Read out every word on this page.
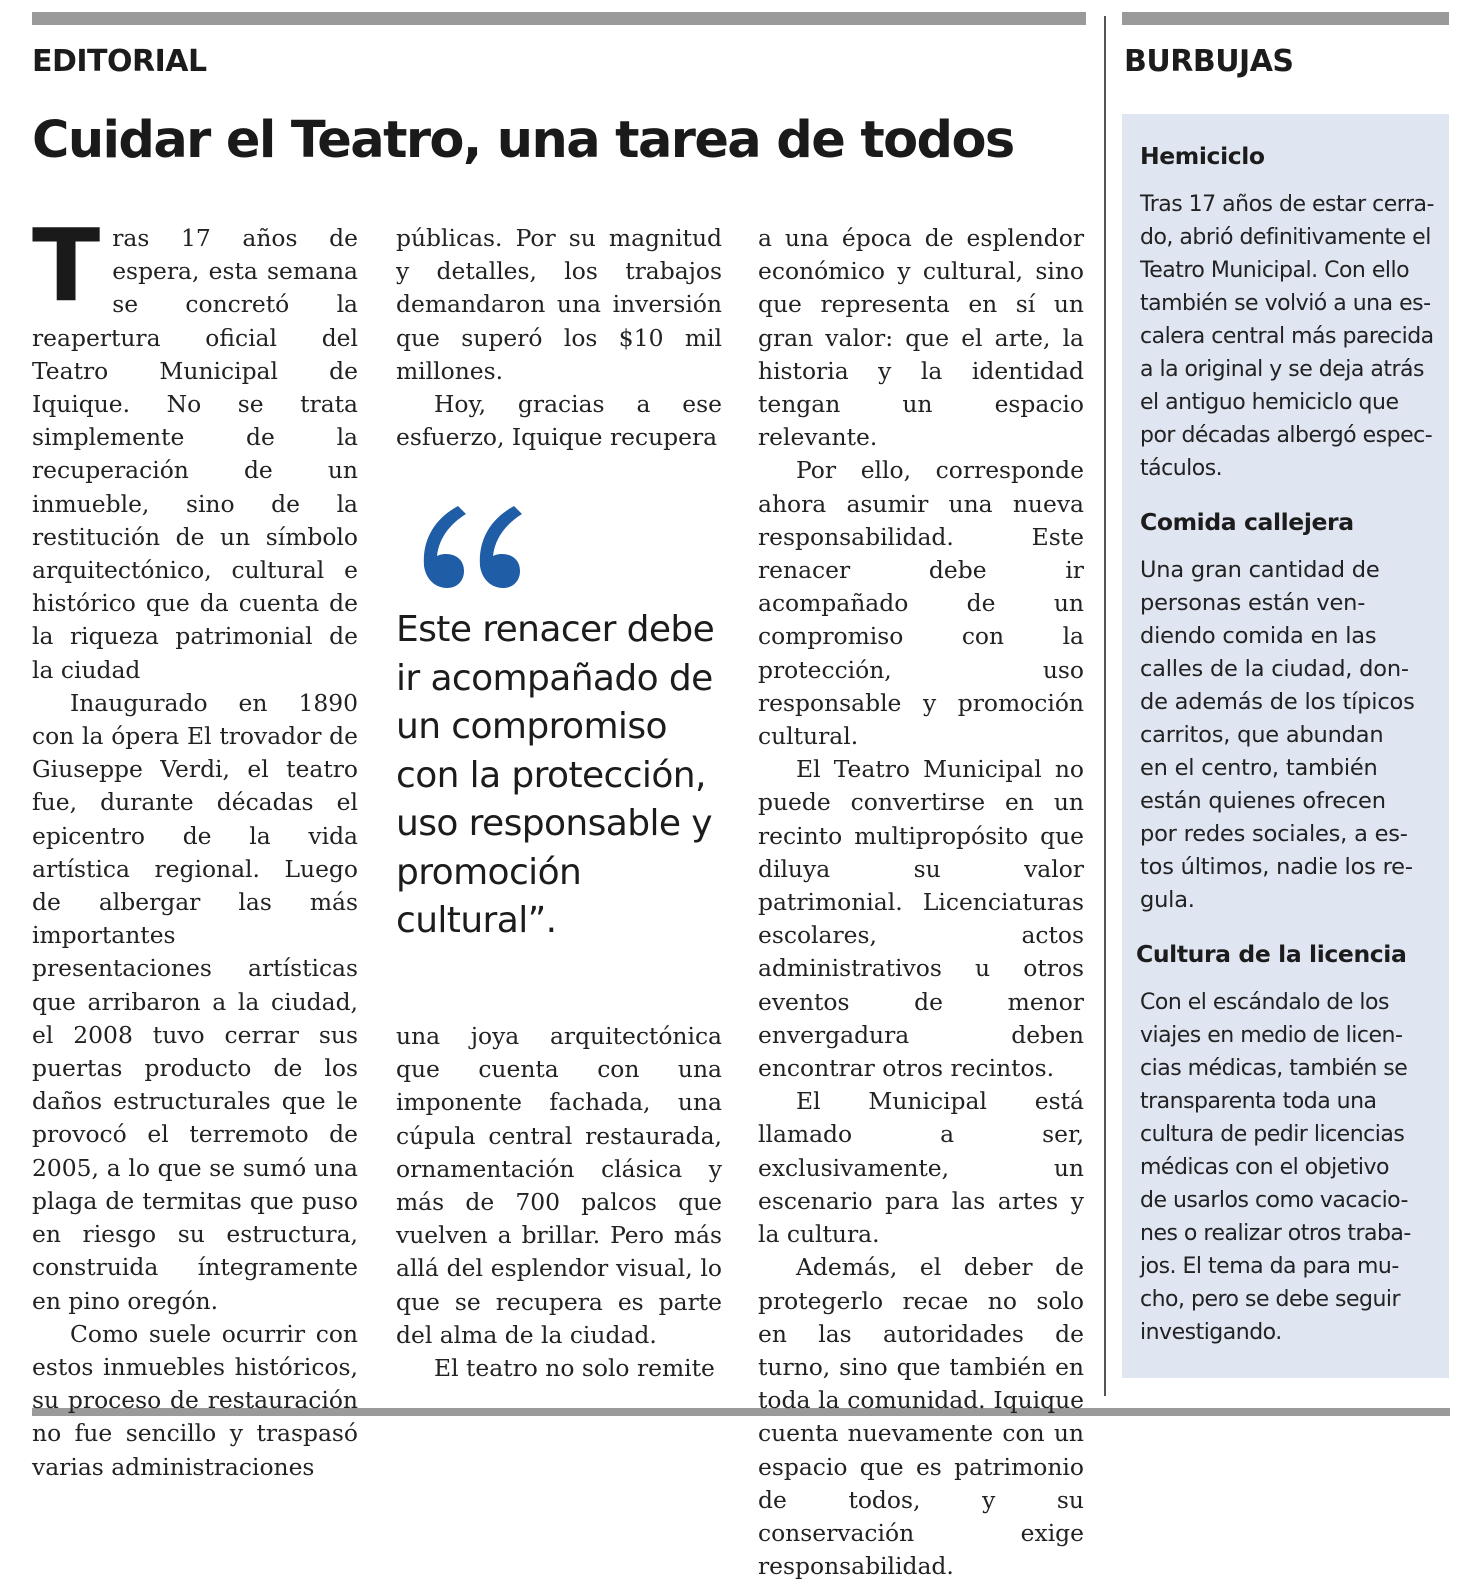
EDITORIAL
Cuidar el Teatro, una tarea de todos

Tras 17 años de espera, esta semana se concretó la reapertura oficial del Teatro Municipal de Iquique. No se trata simplemente de la recuperación de un inmueble, sino de la restitución de un símbolo arquitectónico, cultural e histórico que da cuenta de la riqueza patrimonial de la ciudad

Inaugurado en 1890 con la ópera El trovador de Giuseppe Verdi, el teatro fue, durante décadas el epicentro de la vida artística regional. Luego de albergar las más importantes presentaciones artísticas que arribaron a la ciudad, el 2008 tuvo cerrar sus puertas producto de los daños estructurales que le provocó el terremoto de 2005, a lo que se sumó una plaga de termitas que puso en riesgo su estructura, construida íntegramente en pino oregón.

Como suele ocurrir con estos inmuebles históricos, su proceso de restauración no fue sencillo y traspasó varias administraciones

públicas. Por su magnitud y detalles, los trabajos demandaron una inversión que superó los $10 mil millones.

Hoy, gracias a ese esfuerzo, Iquique recupera

Este renacer debe ir acompañado de un compromiso con la protección, uso responsable y promoción cultural”.

una joya arquitectónica que cuenta con una imponente fachada, una cúpula central restaurada, ornamentación clásica y más de 700 palcos que vuelven a brillar. Pero más allá del esplendor visual, lo que se recupera es parte del alma de la ciudad.

El teatro no solo remite

a una época de esplendor económico y cultural, sino que representa en sí un gran valor: que el arte, la historia y la identidad tengan un espacio relevante.

Por ello, corresponde ahora asumir una nueva responsabilidad. Este renacer debe ir acompañado de un compromiso con la protección, uso responsable y promoción cultural.

El Teatro Municipal no puede convertirse en un recinto multipropósito que diluya su valor patrimonial. Licenciaturas escolares, actos administrativos u otros eventos de menor envergadura deben encontrar otros recintos.

El Municipal está llamado a ser, exclusivamente, un escenario para las artes y la cultura.

Además, el deber de protegerlo recae no solo en las autoridades de turno, sino que también en toda la comunidad. Iquique cuenta nuevamente con un espacio que es patrimonio de todos, y su conservación exige responsabilidad.

BURBUJAS
Hemiciclo
Tras 17 años de estar cerra-
do, abrió definitivamente el
Teatro Municipal. Con ello
también se volvió a una es-
calera central más parecida
a la original y se deja atrás
el antiguo hemiciclo que
por décadas albergó espec-
táculos.
Comida callejera
Una gran cantidad de
personas están ven-
diendo comida en las
calles de la ciudad, don-
de además de los típicos
carritos, que abundan
en el centro, también
están quienes ofrecen
por redes sociales, a es-
tos últimos, nadie los re-
gula.
Cultura de la licencia
Con el escándalo de los
viajes en medio de licen-
cias médicas, también se
transparenta toda una
cultura de pedir licencias
médicas con el objetivo
de usarlos como vacacio-
nes o realizar otros traba-
jos. El tema da para mu-
cho, pero se debe seguir
investigando.
